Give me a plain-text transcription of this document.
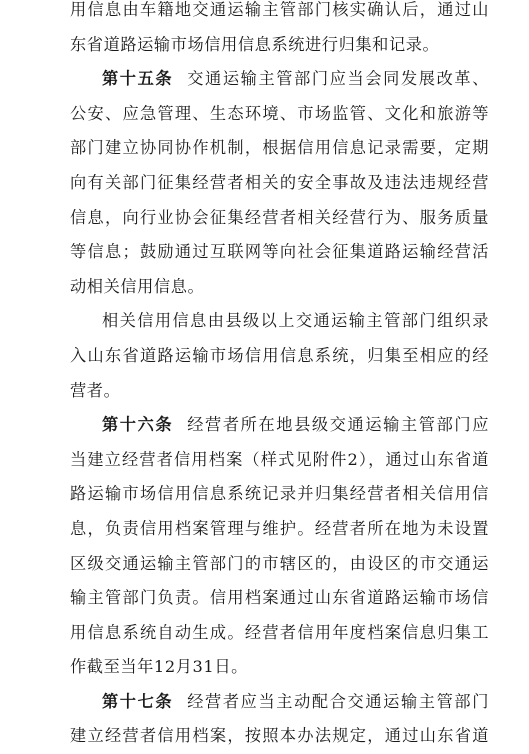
用信息由车籍地交通运输主管部门核实确认后，通过山
东省道路运输市场信用信息系统进行归集和记录。
第十五条 交通运输主管部门应当会同发展改革、
公安、应急管理、生态环境、市场监管、文化和旅游等
部门建立协同协作机制，根据信用信息记录需要，定期
向有关部门征集经营者相关的安全事故及违法违规经营
信息，向行业协会征集经营者相关经营行为、服务质量
等信息；鼓励通过互联网等向社会征集道路运输经营活
动相关信用信息。
相关信用信息由县级以上交通运输主管部门组织录
入山东省道路运输市场信用信息系统，归集至相应的经
营者。
第十六条 经营者所在地县级交通运输主管部门应
当建立经营者信用档案（样式见附件2），通过山东省道
路运输市场信用信息系统记录并归集经营者相关信用信
息，负责信用档案管理与维护。经营者所在地为未设置
区级交通运输主管部门的市辖区的，由设区的市交通运
输主管部门负责。信用档案通过山东省道路运输市场信
用信息系统自动生成。经营者信用年度档案信息归集工
作截至当年12月31日。
第十七条 经营者应当主动配合交通运输主管部门
建立经营者信用档案，按照本办法规定，通过山东省道
